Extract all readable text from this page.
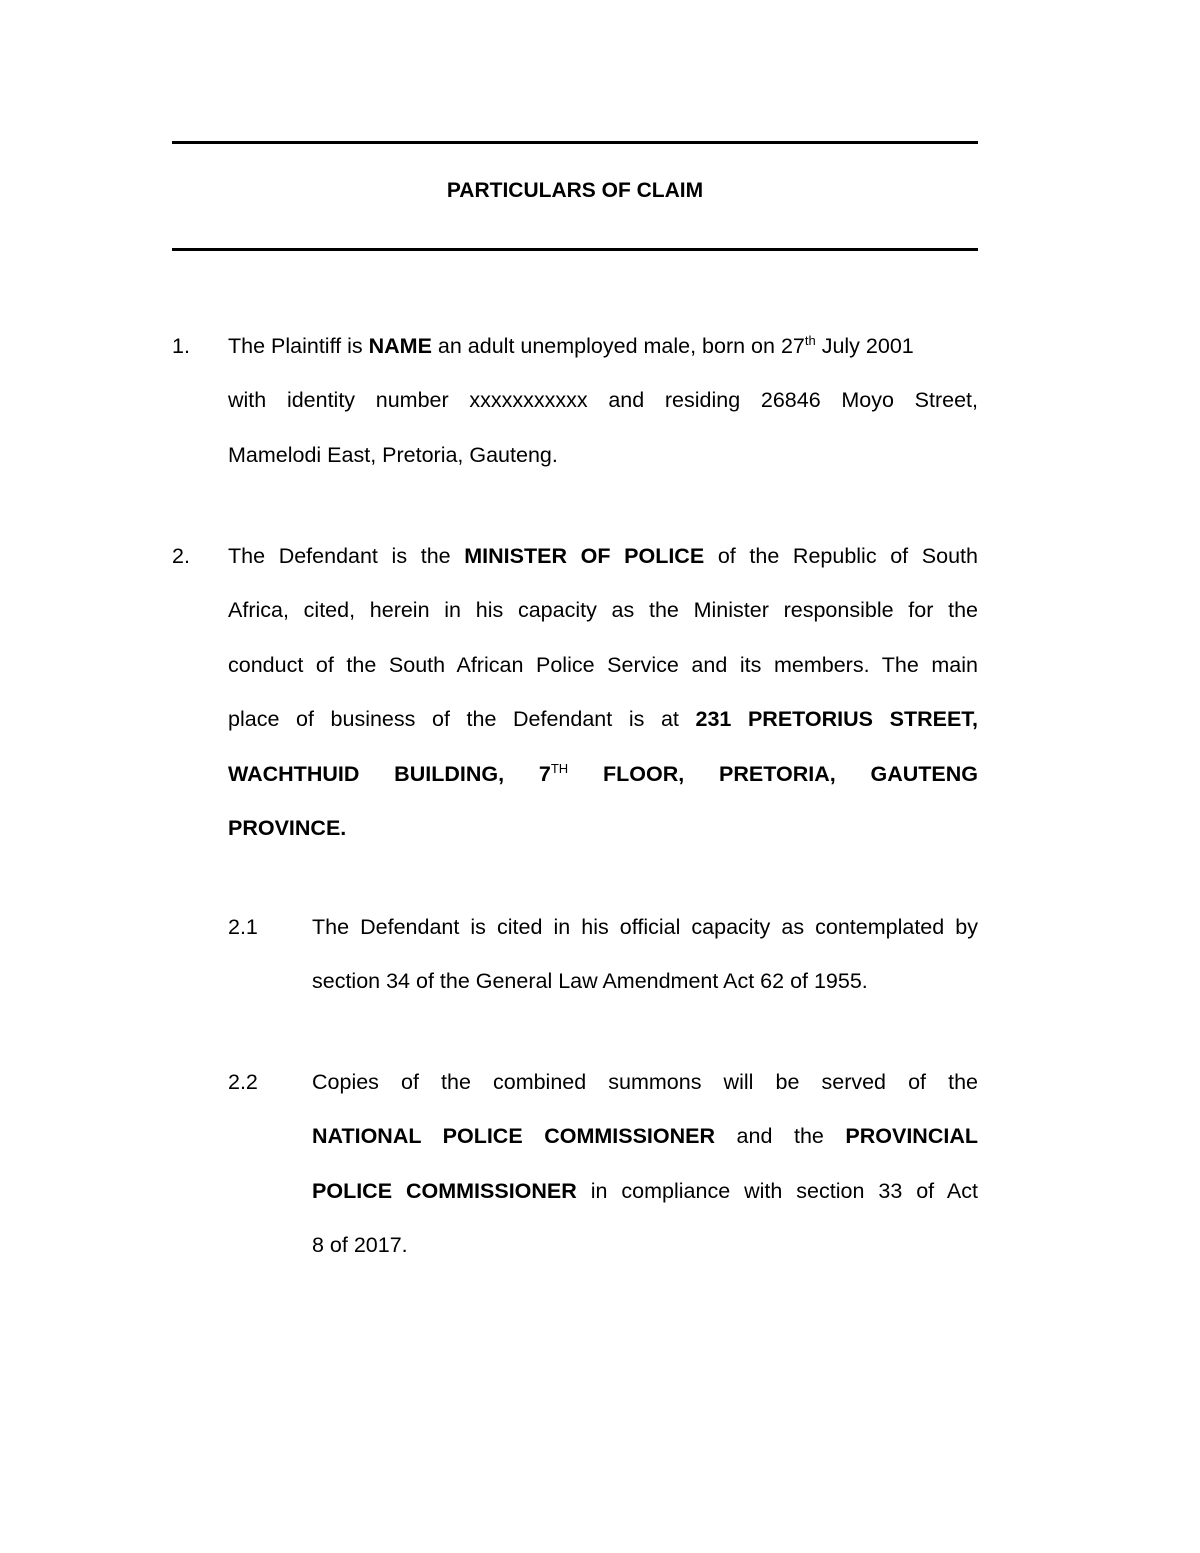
PARTICULARS OF CLAIM
1. The Plaintiff is NAME an adult unemployed male, born on 27th July 2001
with identity number xxxxxxxxxxx and residing 26846 Moyo Street,
Mamelodi East, Pretoria, Gauteng.
2. The Defendant is the MINISTER OF POLICE of the Republic of South
Africa, cited, herein in his capacity as the Minister responsible for the
conduct of the South African Police Service and its members. The main
place of business of the Defendant is at 231 PRETORIUS STREET,
WACHTHUID BUILDING, 7TH FLOOR, PRETORIA, GAUTENG
PROVINCE.
2.1	The Defendant is cited in his official capacity as contemplated by
section 34 of the General Law Amendment Act 62 of 1955.
2.2	Copies of the combined summons will be served of the
NATIONAL POLICE COMMISSIONER and the PROVINCIAL
POLICE COMMISSIONER in compliance with section 33 of Act
8 of 2017.
